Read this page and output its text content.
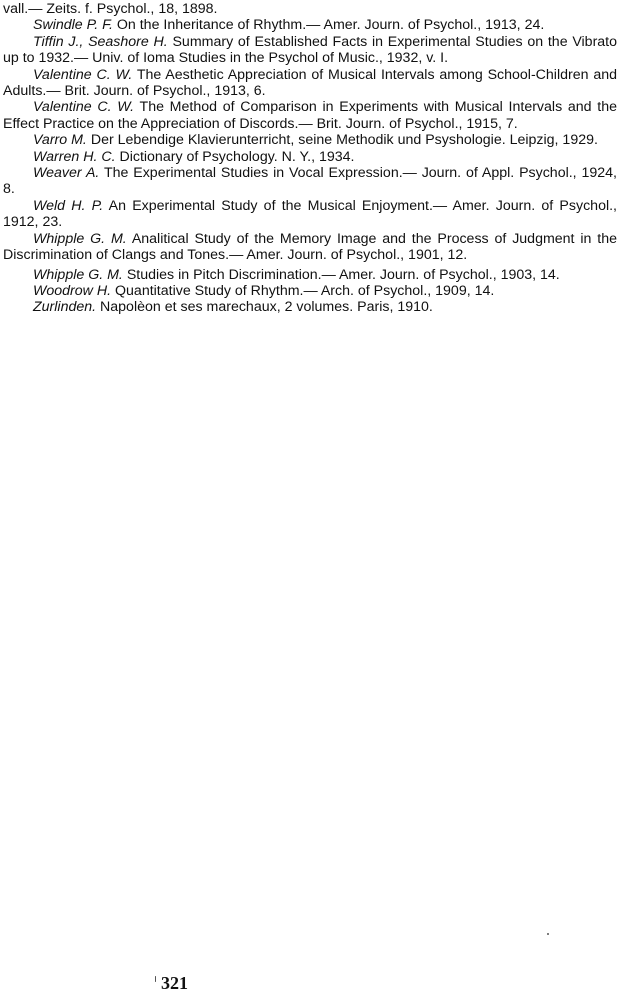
vall.— Zeits. f. Psychol., 18, 1898.

Swindle P. F. On the Inheritance of Rhythm.— Amer. Journ. of Psychol., 1913, 24.

Tiffin J., Seashore H. Summary of Established Facts in Experimental Studies on the Vibrato up to 1932.— Univ. of Ioma Studies in the Psychol of Music., 1932, v. I.

Valentine C. W. The Aesthetic Appreciation of Musical Intervals among School-Children and Adults.— Brit. Journ. of Psychol., 1913, 6.

Valentine C. W. The Method of Comparison in Experiments with Musical Intervals and the Effect Practice on the Appreciation of Discords.— Brit. Journ. of Psychol., 1915, 7.

Varro M. Der Lebendige Klavierunterricht, seine Methodik und Psyshologie. Leipzig, 1929.

Warren H. C. Dictionary of Psychology. N. Y., 1934.

Weaver A. The Experimental Studies in Vocal Expression.— Journ. of Appl. Psychol., 1924, 8.

Weld H. P. An Experimental Study of the Musical Enjoyment.— Amer. Journ. of Psychol., 1912, 23.

Whipple G. M. Analitical Study of the Memory Image and the Process of Judgment in the Discrimination of Clangs and Tones.— Amer. Journ. of Psychol., 1901, 12.

Whipple G. M. Studies in Pitch Discrimination.— Amer. Journ. of Psychol., 1903, 14.

Woodrow H. Quantitative Study of Rhythm.— Arch. of Psychol., 1909, 14.

Zurlinden. Napolèon et ses marechaux, 2 volumes. Paris, 1910.

321
